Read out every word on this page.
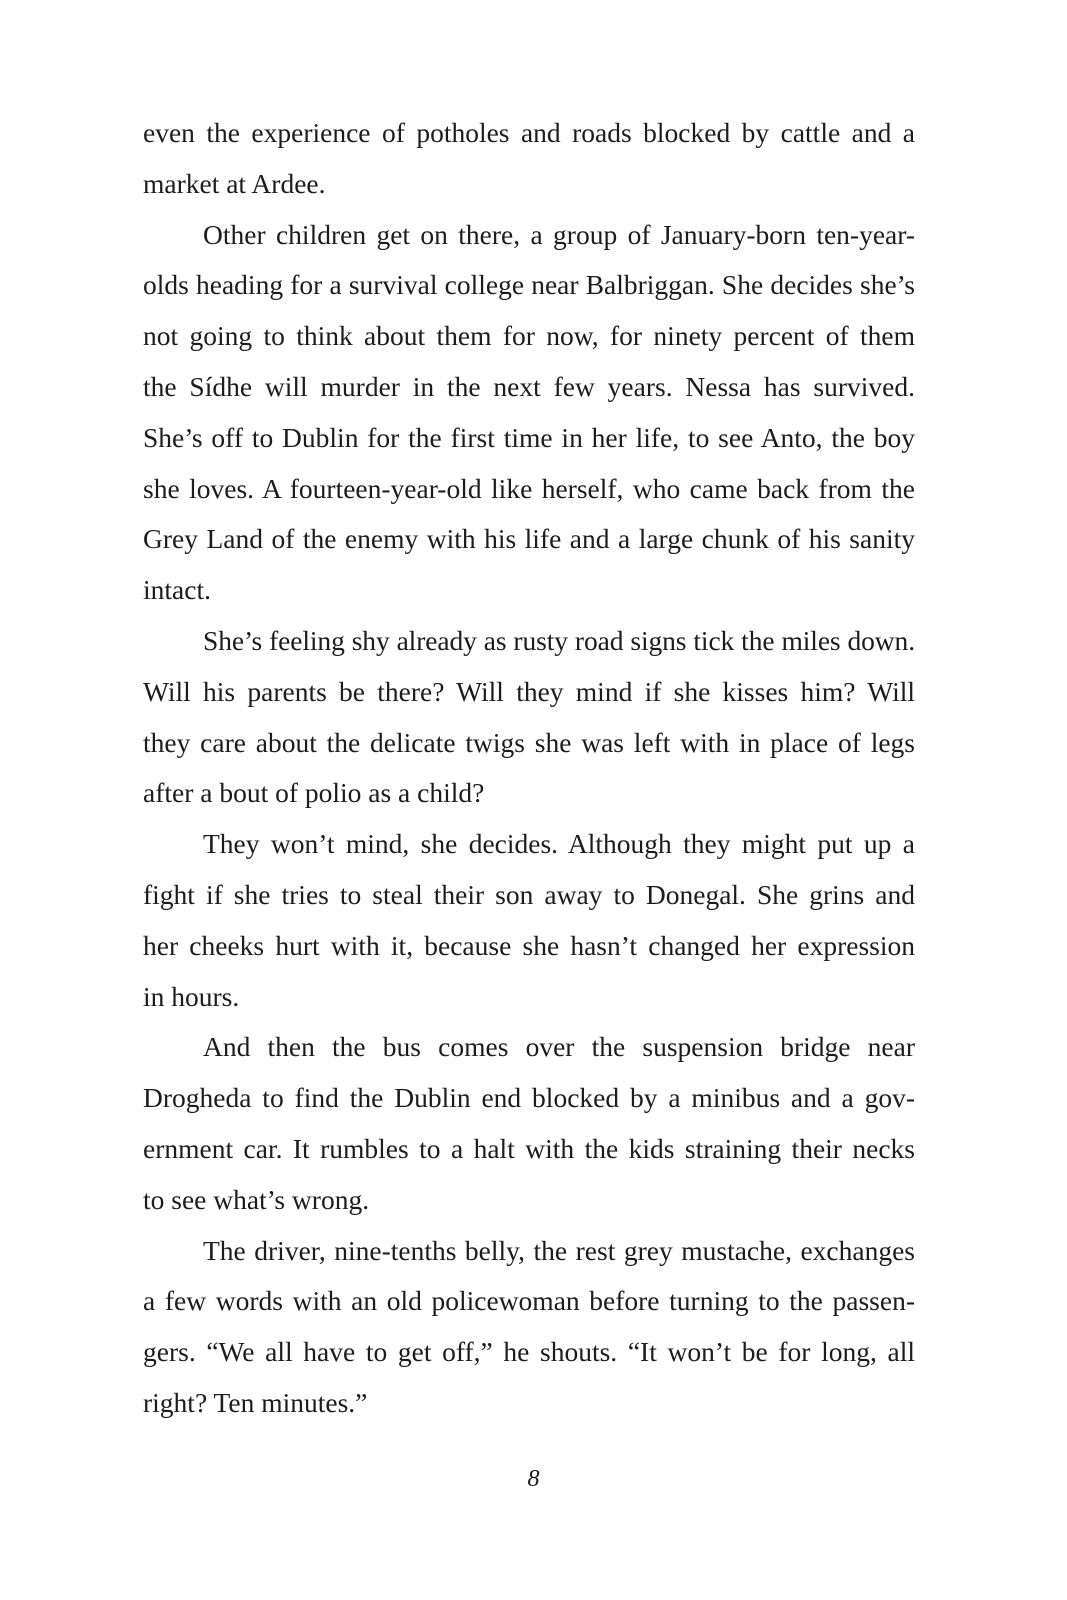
even the experience of potholes and roads blocked by cattle and a
market at Ardee.
Other children get on there, a group of January-born ten-year-
olds heading for a survival college near Balbriggan. She decides she’s
not going to think about them for now, for ninety percent of them
the Sídhe will murder in the next few years. Nessa has survived.
She’s off to Dublin for the first time in her life, to see Anto, the boy
she loves. A fourteen-year-old like herself, who came back from the
Grey Land of the enemy with his life and a large chunk of his sanity
intact.
She’s feeling shy already as rusty road signs tick the miles down.
Will his parents be there? Will they mind if she kisses him? Will
they care about the delicate twigs she was left with in place of legs
after a bout of polio as a child?
They won’t mind, she decides. Although they might put up a
fight if she tries to steal their son away to Donegal. She grins and
her cheeks hurt with it, because she hasn’t changed her expression
in hours.
And then the bus comes over the suspension bridge near
Drogheda to find the Dublin end blocked by a minibus and a gov-
ernment car. It rumbles to a halt with the kids straining their necks
to see what’s wrong.
The driver, nine-tenths belly, the rest grey mustache, exchanges
a few words with an old policewoman before turning to the passen-
gers. “We all have to get off,” he shouts. “It won’t be for long, all
right? Ten minutes.”
8
